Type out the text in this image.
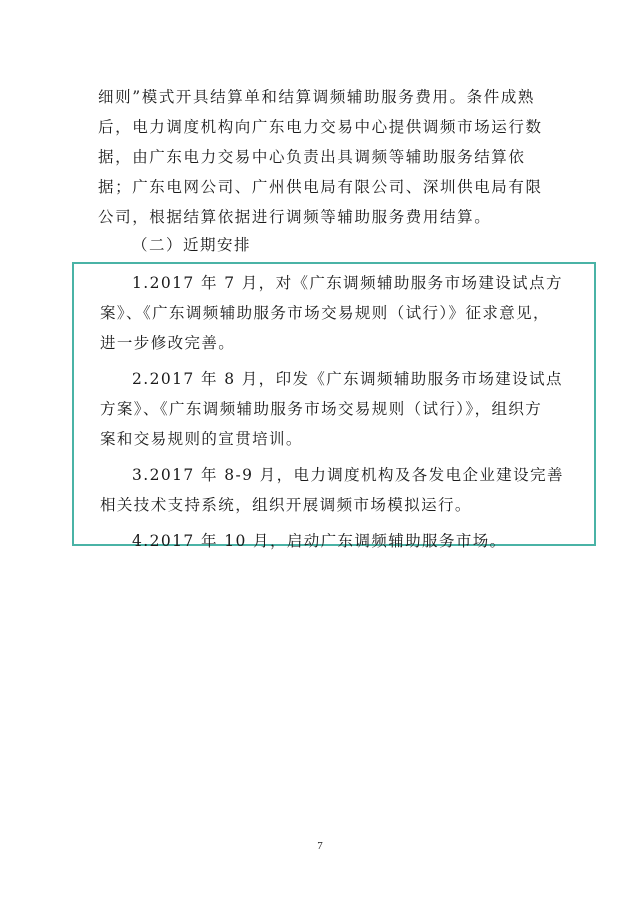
细则”模式开具结算单和结算调频辅助服务费用。条件成熟
后，电力调度机构向广东电力交易中心提供调频市场运行数
据，由广东电力交易中心负责出具调频等辅助服务结算依
据；广东电网公司、广州供电局有限公司、深圳供电局有限
公司，根据结算依据进行调频等辅助服务费用结算。
（二）近期安排
1.2017 年 7 月，对《广东调频辅助服务市场建设试点方
案》、《广东调频辅助服务市场交易规则（试行）》征求意见，
进一步修改完善。
2.2017 年 8 月，印发《广东调频辅助服务市场建设试点
方案》、《广东调频辅助服务市场交易规则（试行）》，组织方
案和交易规则的宣贯培训。
3.2017 年 8-9 月，电力调度机构及各发电企业建设完善
相关技术支持系统，组织开展调频市场模拟运行。
4.2017 年 10 月，启动广东调频辅助服务市场。
7
